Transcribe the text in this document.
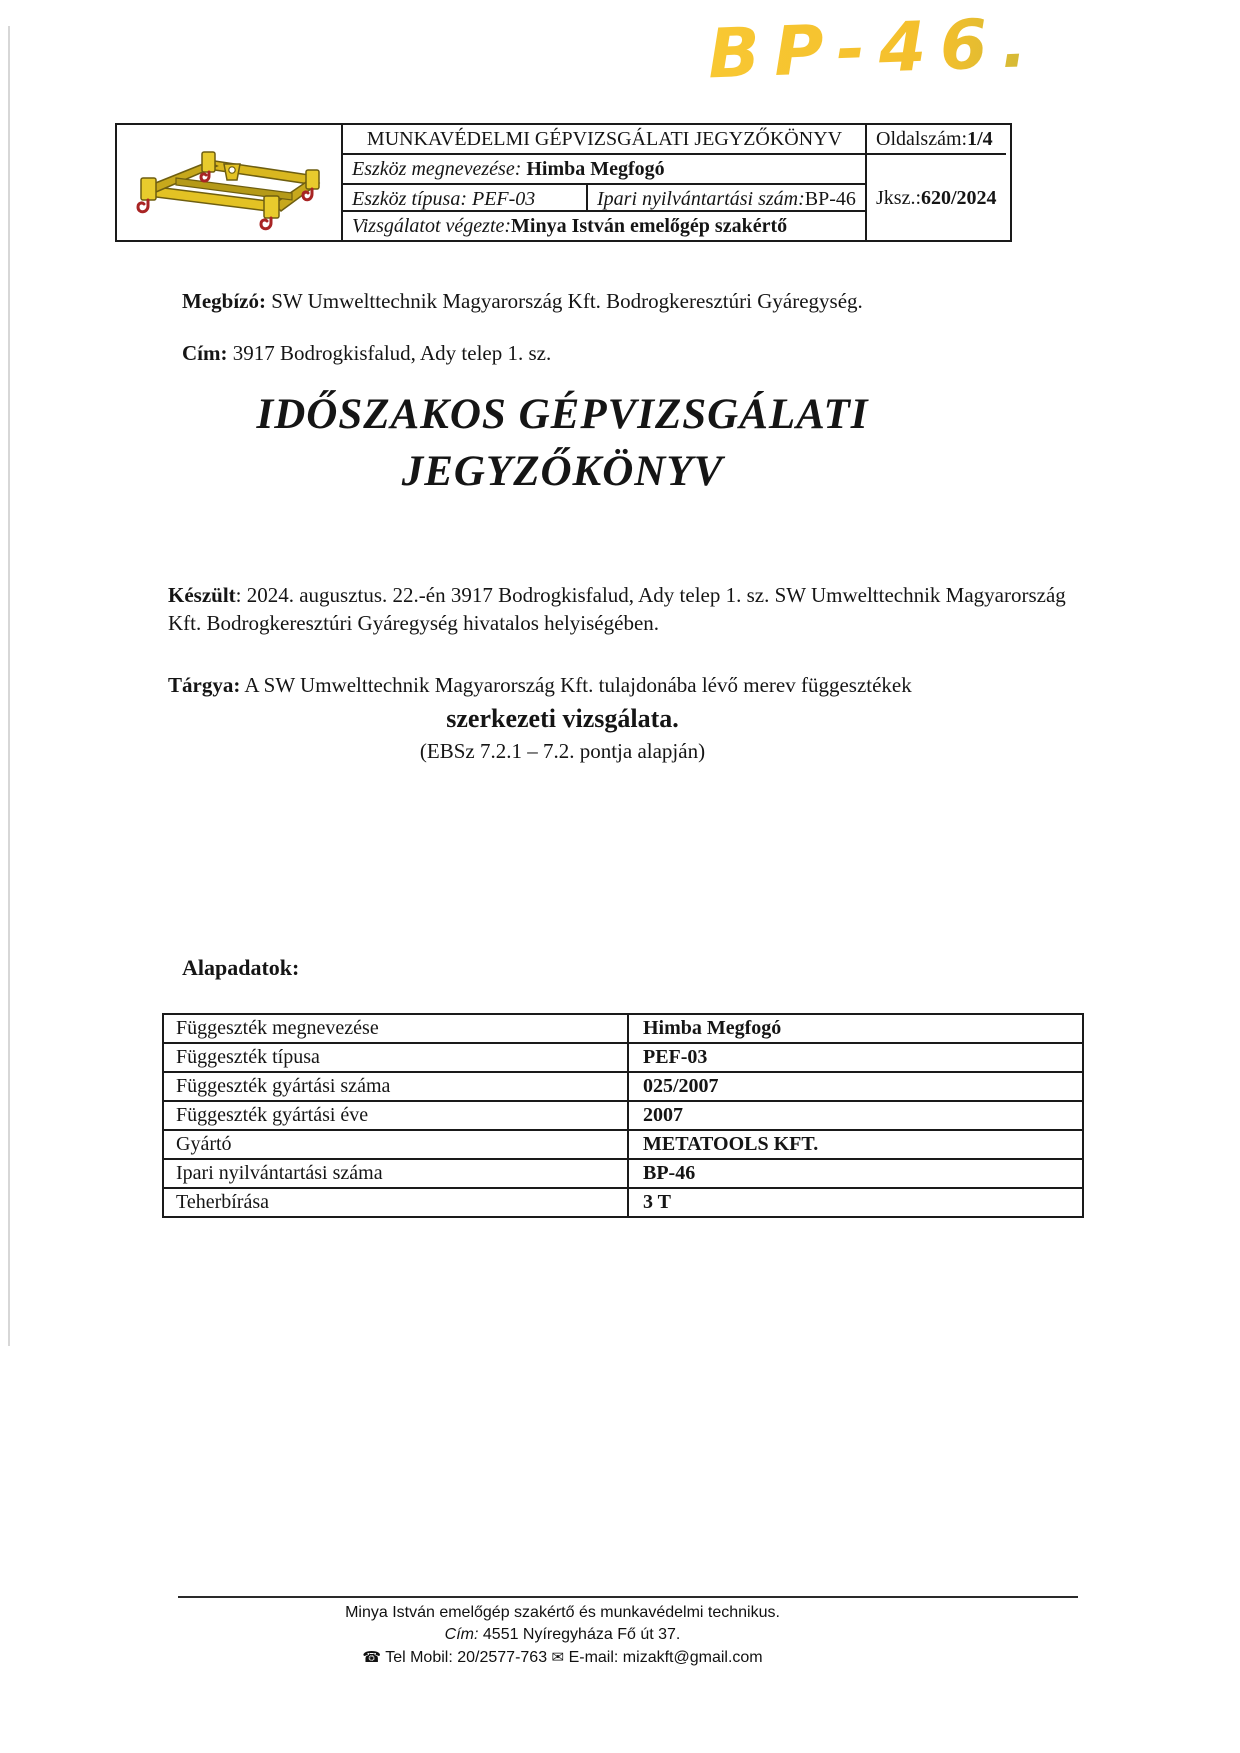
BP-46.
MUNKAVÉDELMI GÉPVIZSGÁLATI JEGYZŐKÖNYV	Oldalszám:1/4
Eszköz megnevezése: Himba Megfogó
Eszköz típusa: PEF-03	Ipari nyilvántartási szám:BP-46
Vizsgálatot végezte:Minya István emelőgép szakértő
Jksz.: 620/2024

Megbízó: SW Umwelttechnik Magyarország Kft. Bodrogkeresztúri Gyáregység.

Cím: 3917 Bodrogkisfalud, Ady telep 1. sz.

IDŐSZAKOS GÉPVIZSGÁLATI
JEGYZŐKÖNYV

Készült: 2024. augusztus. 22.-én 3917 Bodrogkisfalud, Ady telep 1. sz. SW Umwelttechnik Magyarország Kft. Bodrogkeresztúri Gyáregység hivatalos helyiségében.

Tárgya: A SW Umwelttechnik Magyarország Kft. tulajdonába lévő merev függesztékek

szerkezeti vizsgálata.
(EBSz 7.2.1 – 7.2. pontja alapján)
Alapadatok:
Függeszték megnevezése	Himba Megfogó
Függeszték típusa	PEF-03
Függeszték gyártási száma	025/2007
Függeszték gyártási éve	2007
Gyártó	METATOOLS KFT.
Ipari nyilvántartási száma	BP-46
Teherbírása	3 T
Minya István emelőgép szakértő és munkavédelmi technikus.
Cím: 4551 Nyíregyháza Fő út 37.
☎ Tel Mobil: 20/2577-763 ✉ E-mail: mizakft@gmail.com
